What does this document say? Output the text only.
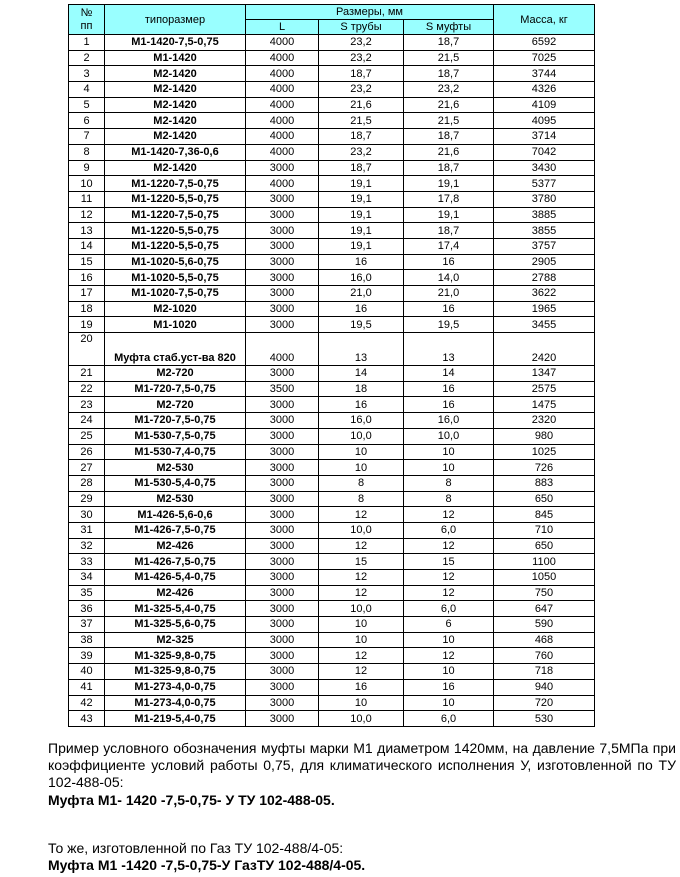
№
пп	типоразмер	Размеры, мм			Масса, кг
		L	S трубы	S муфты	
1	М1-1420-7,5-0,75	4000	23,2	18,7	6592
2	М1-1420	4000	23,2	21,5	7025
3	М2-1420	4000	18,7	18,7	3744
4	М2-1420	4000	23,2	23,2	4326
5	М2-1420	4000	21,6	21,6	4109
6	М2-1420	4000	21,5	21,5	4095
7	М2-1420	4000	18,7	18,7	3714
8	М1-1420-7,36-0,6	4000	23,2	21,6	7042
9	М2-1420	3000	18,7	18,7	3430
10	М1-1220-7,5-0,75	4000	19,1	19,1	5377
11	М1-1220-5,5-0,75	3000	19,1	17,8	3780
12	М1-1220-7,5-0,75	3000	19,1	19,1	3885
13	М1-1220-5,5-0,75	3000	19,1	18,7	3855
14	М1-1220-5,5-0,75	3000	19,1	17,4	3757
15	М1-1020-5,6-0,75	3000	16	16	2905
16	М1-1020-5,5-0,75	3000	16,0	14,0	2788
17	М1-1020-7,5-0,75	3000	21,0	21,0	3622
18	М2-1020	3000	16	16	1965
19	М1-1020	3000	19,5	19,5	3455
20	Муфта стаб.уст-ва 820	4000	13	13	2420
21	М2-720	3000	14	14	1347
22	М1-720-7,5-0,75	3500	18	16	2575
23	М2-720	3000	16	16	1475
24	М1-720-7,5-0,75	3000	16,0	16,0	2320
25	М1-530-7,5-0,75	3000	10,0	10,0	980
26	М1-530-7,4-0,75	3000	10	10	1025
27	М2-530	3000	10	10	726
28	М1-530-5,4-0,75	3000	8	8	883
29	М2-530	3000	8	8	650
30	М1-426-5,6-0,6	3000	12	12	845
31	М1-426-7,5-0,75	3000	10,0	6,0	710
32	М2-426	3000	12	12	650
33	М1-426-7,5-0,75	3000	15	15	1100
34	М1-426-5,4-0,75	3000	12	12	1050
35	М2-426	3000	12	12	750
36	М1-325-5,4-0,75	3000	10,0	6,0	647
37	М1-325-5,6-0,75	3000	10	6	590
38	М2-325	3000	10	10	468
39	М1-325-9,8-0,75	3000	12	12	760
40	М1-325-9,8-0,75	3000	12	10	718
41	М1-273-4,0-0,75	3000	16	16	940
42	М1-273-4,0-0,75	3000	10	10	720
43	М1-219-5,4-0,75	3000	10,0	6,0	530
Пример условного обозначения муфты марки М1 диаметром 1420мм, на давление 7,5МПа при коэффициенте условий работы 0,75, для климатического исполнения У, изготовленной по ТУ 102-488-05:
Муфта М1- 1420 -7,5-0,75- У ТУ 102-488-05.
То же, изготовленной по Газ ТУ 102-488/4-05:
Муфта М1 -1420 -7,5-0,75-У ГазТУ 102-488/4-05.
